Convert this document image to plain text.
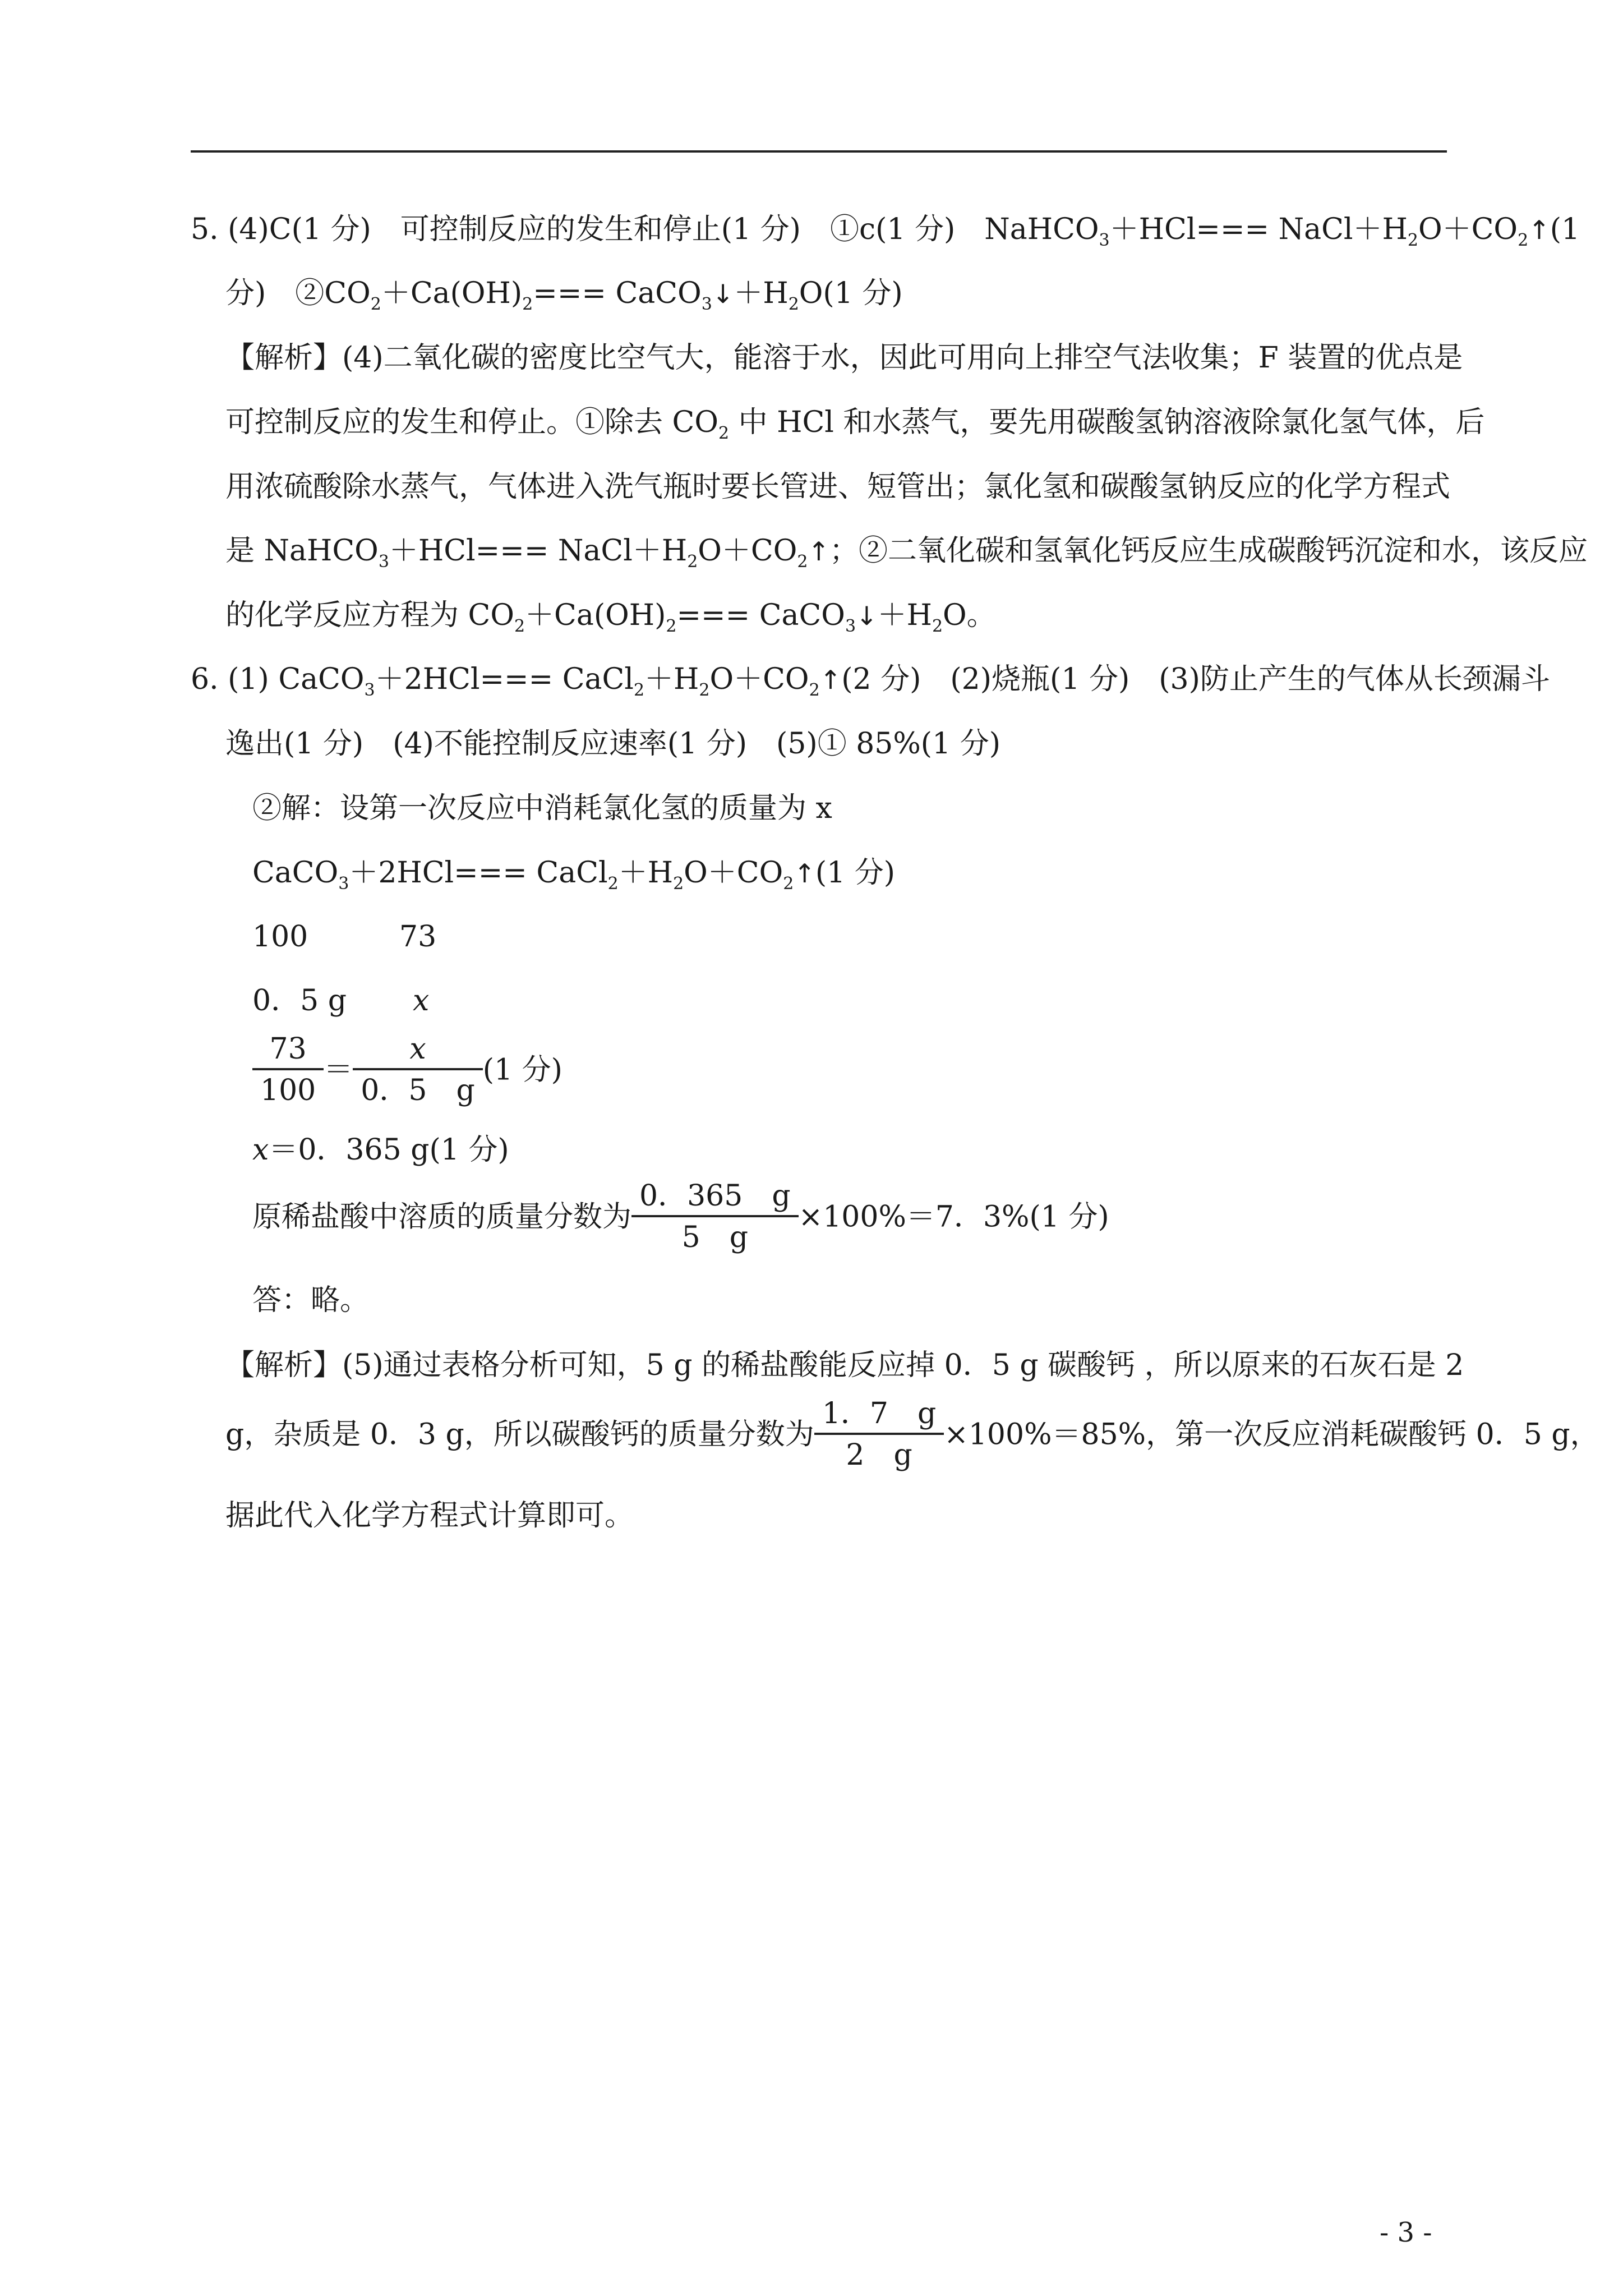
5. (4)C(1 分)　可控制反应的发生和停止(1 分)　①c(1 分)　NaHCO$_3$＋HCl=== $NaCl+H_2O+CO_2↑(1$
分)　$②CO_2+Ca(OH)_2===$ $CaCO_3↓+H_2O(1$ 分)
【解析】(4)二氧化碳的密度比空气大，能溶于水，因此可用向上排空气法收集；F 装置的优点是
可控制反应的发生和停止。①除去 $CO_2$ 中 HCl 和水蒸气，要先用碳酸氢钠溶液除氯化氢气体，后
用浓硫酸除水蒸气，气体进入洗气瓶时要长管进、短管出；氯化氢和碳酸氢钠反应的化学方程式
是 NaHCO$_3$＋HCl=== $NaCl+H_2O+CO_2↑$；②二氧化碳和氢氧化钙反应生成碳酸钙沉淀和水，该反应
的化学反应方程为 $CO_2+Ca(OH)_2===$ $CaCO_3↓+H_2O$。
6. (1) CaCO$_3$＋2HCl=== $CaCl_2+H_2O+CO_2↑(2$ 分)　(2)烧瓶(1 分)　(3)防止产生的气体从长颈漏斗
逸出(1 分)　(4)不能控制反应速率(1 分)　(5)① 85%(1 分)
②解：设第一次反应中消耗氯化氢的质量为 x
CaCO$_3$＋2HCl=== $CaCl_2+H_2O+CO_2↑(1$ 分)
100	73
0．5 g x
$\frac{73}{100} = \frac{x}{0.5 g} (1$ 分)
x＝0．365 g(1 分)
原稀盐酸中溶质的质量分数为 $\frac{0.365 g}{5 g} \times 100\%=7$．3%(1 分)
答：略。
【解析】(5)通过表格分析可知，5 g 的稀盐酸能反应掉 0．5 g 碳酸钙 ，所以原来的石灰石是 2
g，杂质是 0．3 g，所以碳酸钙的质量分数为 $\frac{1.7 g}{2 g} \times 100\%=85\%$，第一次反应消耗碳酸钙 0．5 g，
据此代入化学方程式计算即可。
- 3 -
